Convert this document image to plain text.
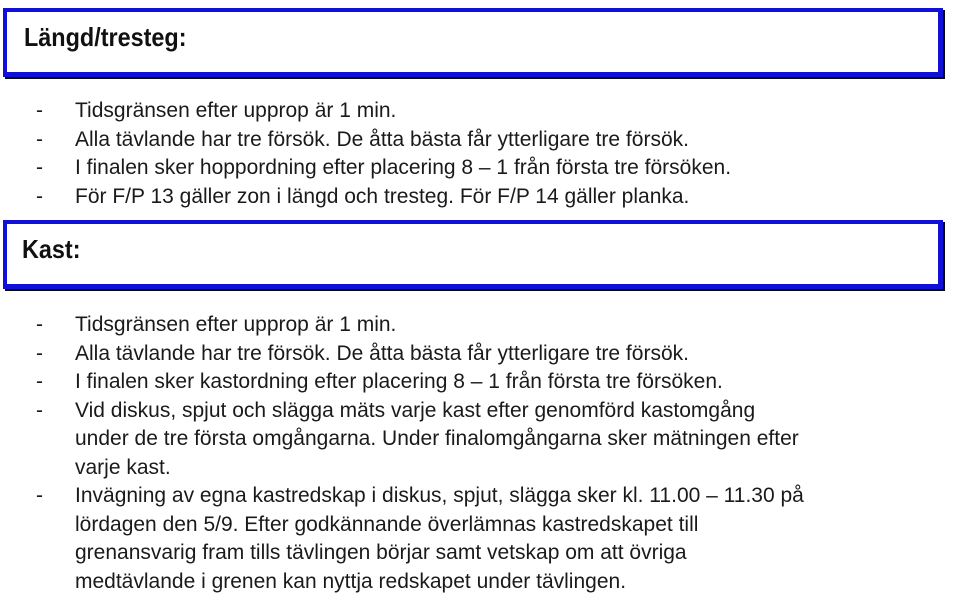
Längd/tresteg:
- Tidsgränsen efter upprop är 1 min.
- Alla tävlande har tre försök. De åtta bästa får ytterligare tre försök.
- I finalen sker hoppordning efter placering 8 – 1 från första tre försöken.
- För F/P 13 gäller zon i längd och tresteg. För F/P 14 gäller planka.
Kast:
- Tidsgränsen efter upprop är 1 min.
- Alla tävlande har tre försök. De åtta bästa får ytterligare tre försök.
- I finalen sker kastordning efter placering 8 – 1 från första tre försöken.
- Vid diskus, spjut och slägga mäts varje kast efter genomförd kastomgång
under de tre första omgångarna. Under finalomgångarna sker mätningen efter
varje kast.
- Invägning av egna kastredskap i diskus, spjut, slägga sker kl. 11.00 – 11.30 på
lördagen den 5/9. Efter godkännande överlämnas kastredskapet till
grenansvarig fram tills tävlingen börjar samt vetskap om att övriga
medtävlande i grenen kan nyttja redskapet under tävlingen.
